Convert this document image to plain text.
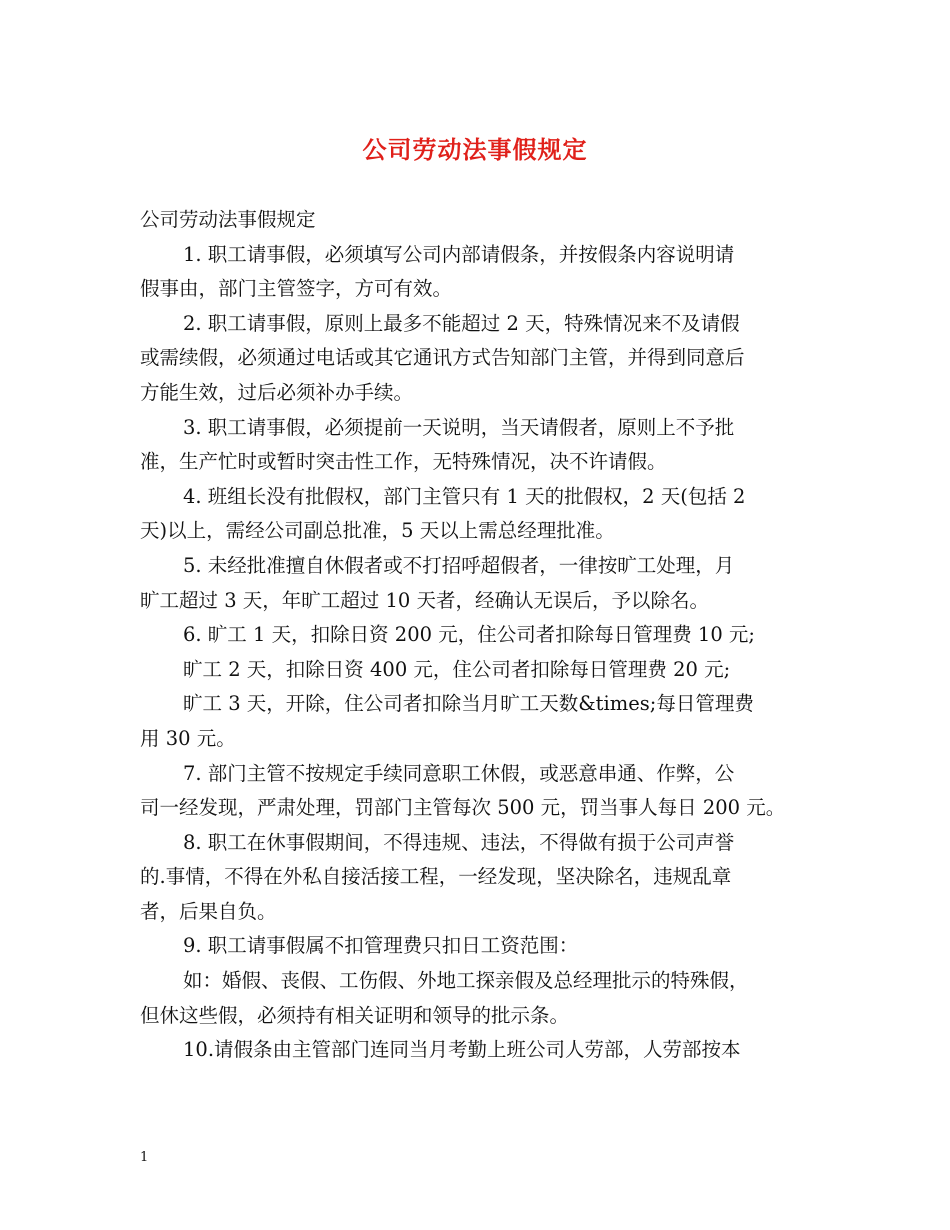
公司劳动法事假规定
公司劳动法事假规定
1. 职工请事假，必须填写公司内部请假条，并按假条内容说明请
假事由，部门主管签字，方可有效。
2. 职工请事假，原则上最多不能超过 2 天，特殊情况来不及请假
或需续假，必须通过电话或其它通讯方式告知部门主管，并得到同意后
方能生效，过后必须补办手续。
3. 职工请事假，必须提前一天说明，当天请假者，原则上不予批
准，生产忙时或暂时突击性工作，无特殊情况，决不许请假。
4. 班组长没有批假权，部门主管只有 1 天的批假权，2 天(包括 2
天)以上，需经公司副总批准，5 天以上需总经理批准。
5. 未经批准擅自休假者或不打招呼超假者，一律按旷工处理，月
旷工超过 3 天，年旷工超过 10 天者，经确认无误后，予以除名。
6. 旷工 1 天，扣除日资 200 元，住公司者扣除每日管理费 10 元;
旷工 2 天，扣除日资 400 元，住公司者扣除每日管理费 20 元;
旷工 3 天，开除，住公司者扣除当月旷工天数&times;每日管理费
用 30 元。
7. 部门主管不按规定手续同意职工休假，或恶意串通、作弊，公
司一经发现，严肃处理，罚部门主管每次 500 元，罚当事人每日 200 元。
8. 职工在休事假期间，不得违规、违法，不得做有损于公司声誉
的.事情，不得在外私自接活接工程，一经发现，坚决除名，违规乱章
者，后果自负。
9. 职工请事假属不扣管理费只扣日工资范围：
如：婚假、丧假、工伤假、外地工探亲假及总经理批示的特殊假，
但休这些假，必须持有相关证明和领导的批示条。
10.请假条由主管部门连同当月考勤上班公司人劳部，人劳部按本
1
